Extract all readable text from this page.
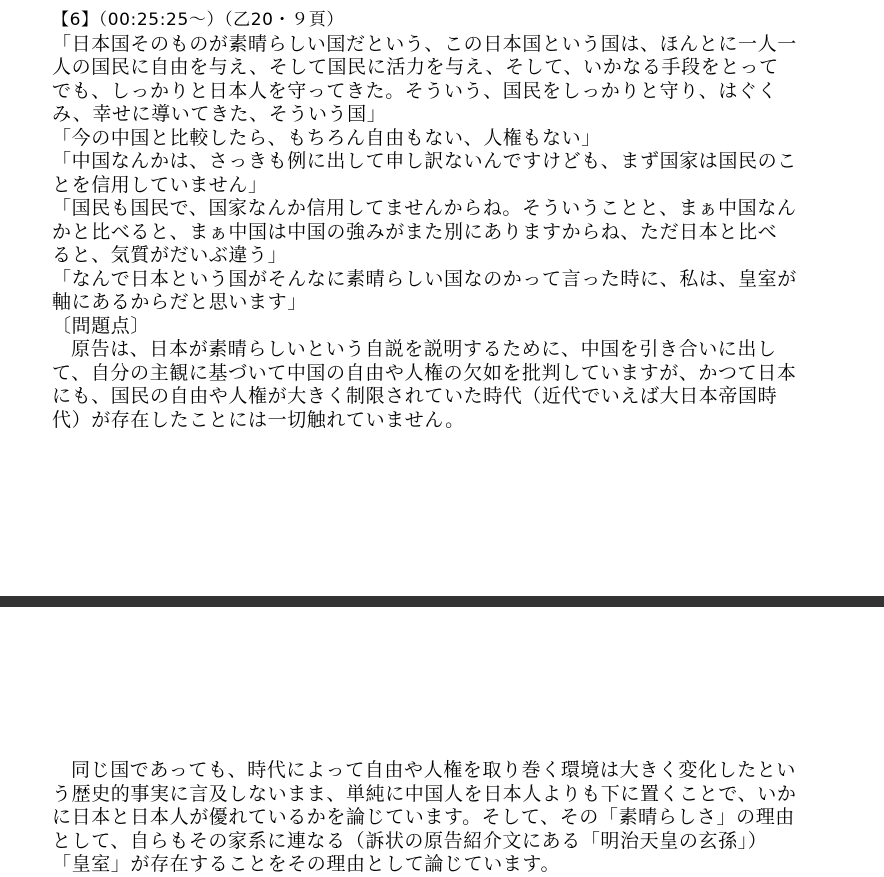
【6】（00:25:25〜）（乙20・９頁）
「日本国そのものが素晴らしい国だという、この日本国という国は、ほんとに一人一
人の国民に自由を与え、そして国民に活力を与え、そして、いかなる手段をとって
でも、しっかりと日本人を守ってきた。そういう、国民をしっかりと守り、はぐく
み、幸せに導いてきた、そういう国」
「今の中国と比較したら、もちろん自由もない、人権もない」
「中国なんかは、さっきも例に出して申し訳ないんですけども、まず国家は国民のこ
とを信用していません」
「国民も国民で、国家なんか信用してませんからね。そういうことと、まぁ中国なん
かと比べると、まぁ中国は中国の強みがまた別にありますからね、ただ日本と比べ
ると、気質がだいぶ違う」
「なんで日本という国がそんなに素晴らしい国なのかって言った時に、私は、皇室が
軸にあるからだと思います」
〔問題点〕
原告は、日本が素晴らしいという自説を説明するために、中国を引き合いに出し
て、自分の主観に基づいて中国の自由や人権の欠如を批判していますが、かつて日本
にも、国民の自由や人権が大きく制限されていた時代（近代でいえば大日本帝国時
代）が存在したことには一切触れていません。
同じ国であっても、時代によって自由や人権を取り巻く環境は大きく変化したとい
う歴史的事実に言及しないまま、単純に中国人を日本人よりも下に置くことで、いか
に日本と日本人が優れているかを論じています。そして、その「素晴らしさ」の理由
として、自らもその家系に連なる（訴状の原告紹介文にある「明治天皇の玄孫」）
「皇室」が存在することをその理由として論じています。
